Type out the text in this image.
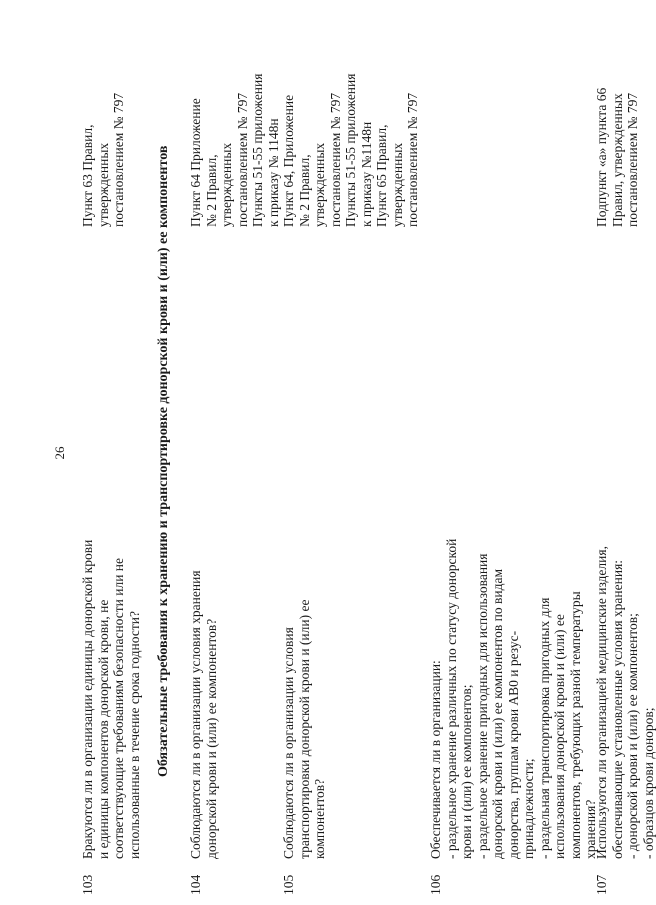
26
103
Бракуются ли в организации единицы донорской крови и единицы компонентов донорской крови, не соответствующие требованиям безопасности или не использованные в течение срока годности?
Пункт 63 Правил, утвержденных постановлением № 797 Обязательные требования к хранению и транспортировке донорской крови и (или) ее компонентов
104
Соблюдаются ли в организации условия хранения донорской крови и (или) ее компонентов?
Пункт 64 Приложение № 2 Правил, утвержденных постановлением № 797 Пункты 51-55 приложения к приказу № 1148н
105
Соблюдаются ли в организации условия транспортировки донорской крови и (или) ее компонентов?
Пункт 64, Приложение № 2 Правил, утвержденных постановлением № 797 Пункты 51-55 приложения к приказу №1148н Пункт 65 Правил, утвержденных постановлением № 797
106
Обеспечивается ли в организации: - раздельное хранение различных по статусу донорской крови и (или) ее компонентов; - раздельное хранение пригодных для использования донорской крови и (или) ее компонентов по видам донорства, группам крови AB0 и резус- принадлежности; - раздельная транспортировка пригодных для использования донорской крови и (или) ее компонентов, требующих разной температуры хранения?
107
Используются ли организацией медицинские изделия, обеспечивающие установленные условия хранения: - донорской крови и (или) ее компонентов; - образцов крови доноров;
Подпункт «а» пункта 66 Правил, утвержденных постановлением № 797
